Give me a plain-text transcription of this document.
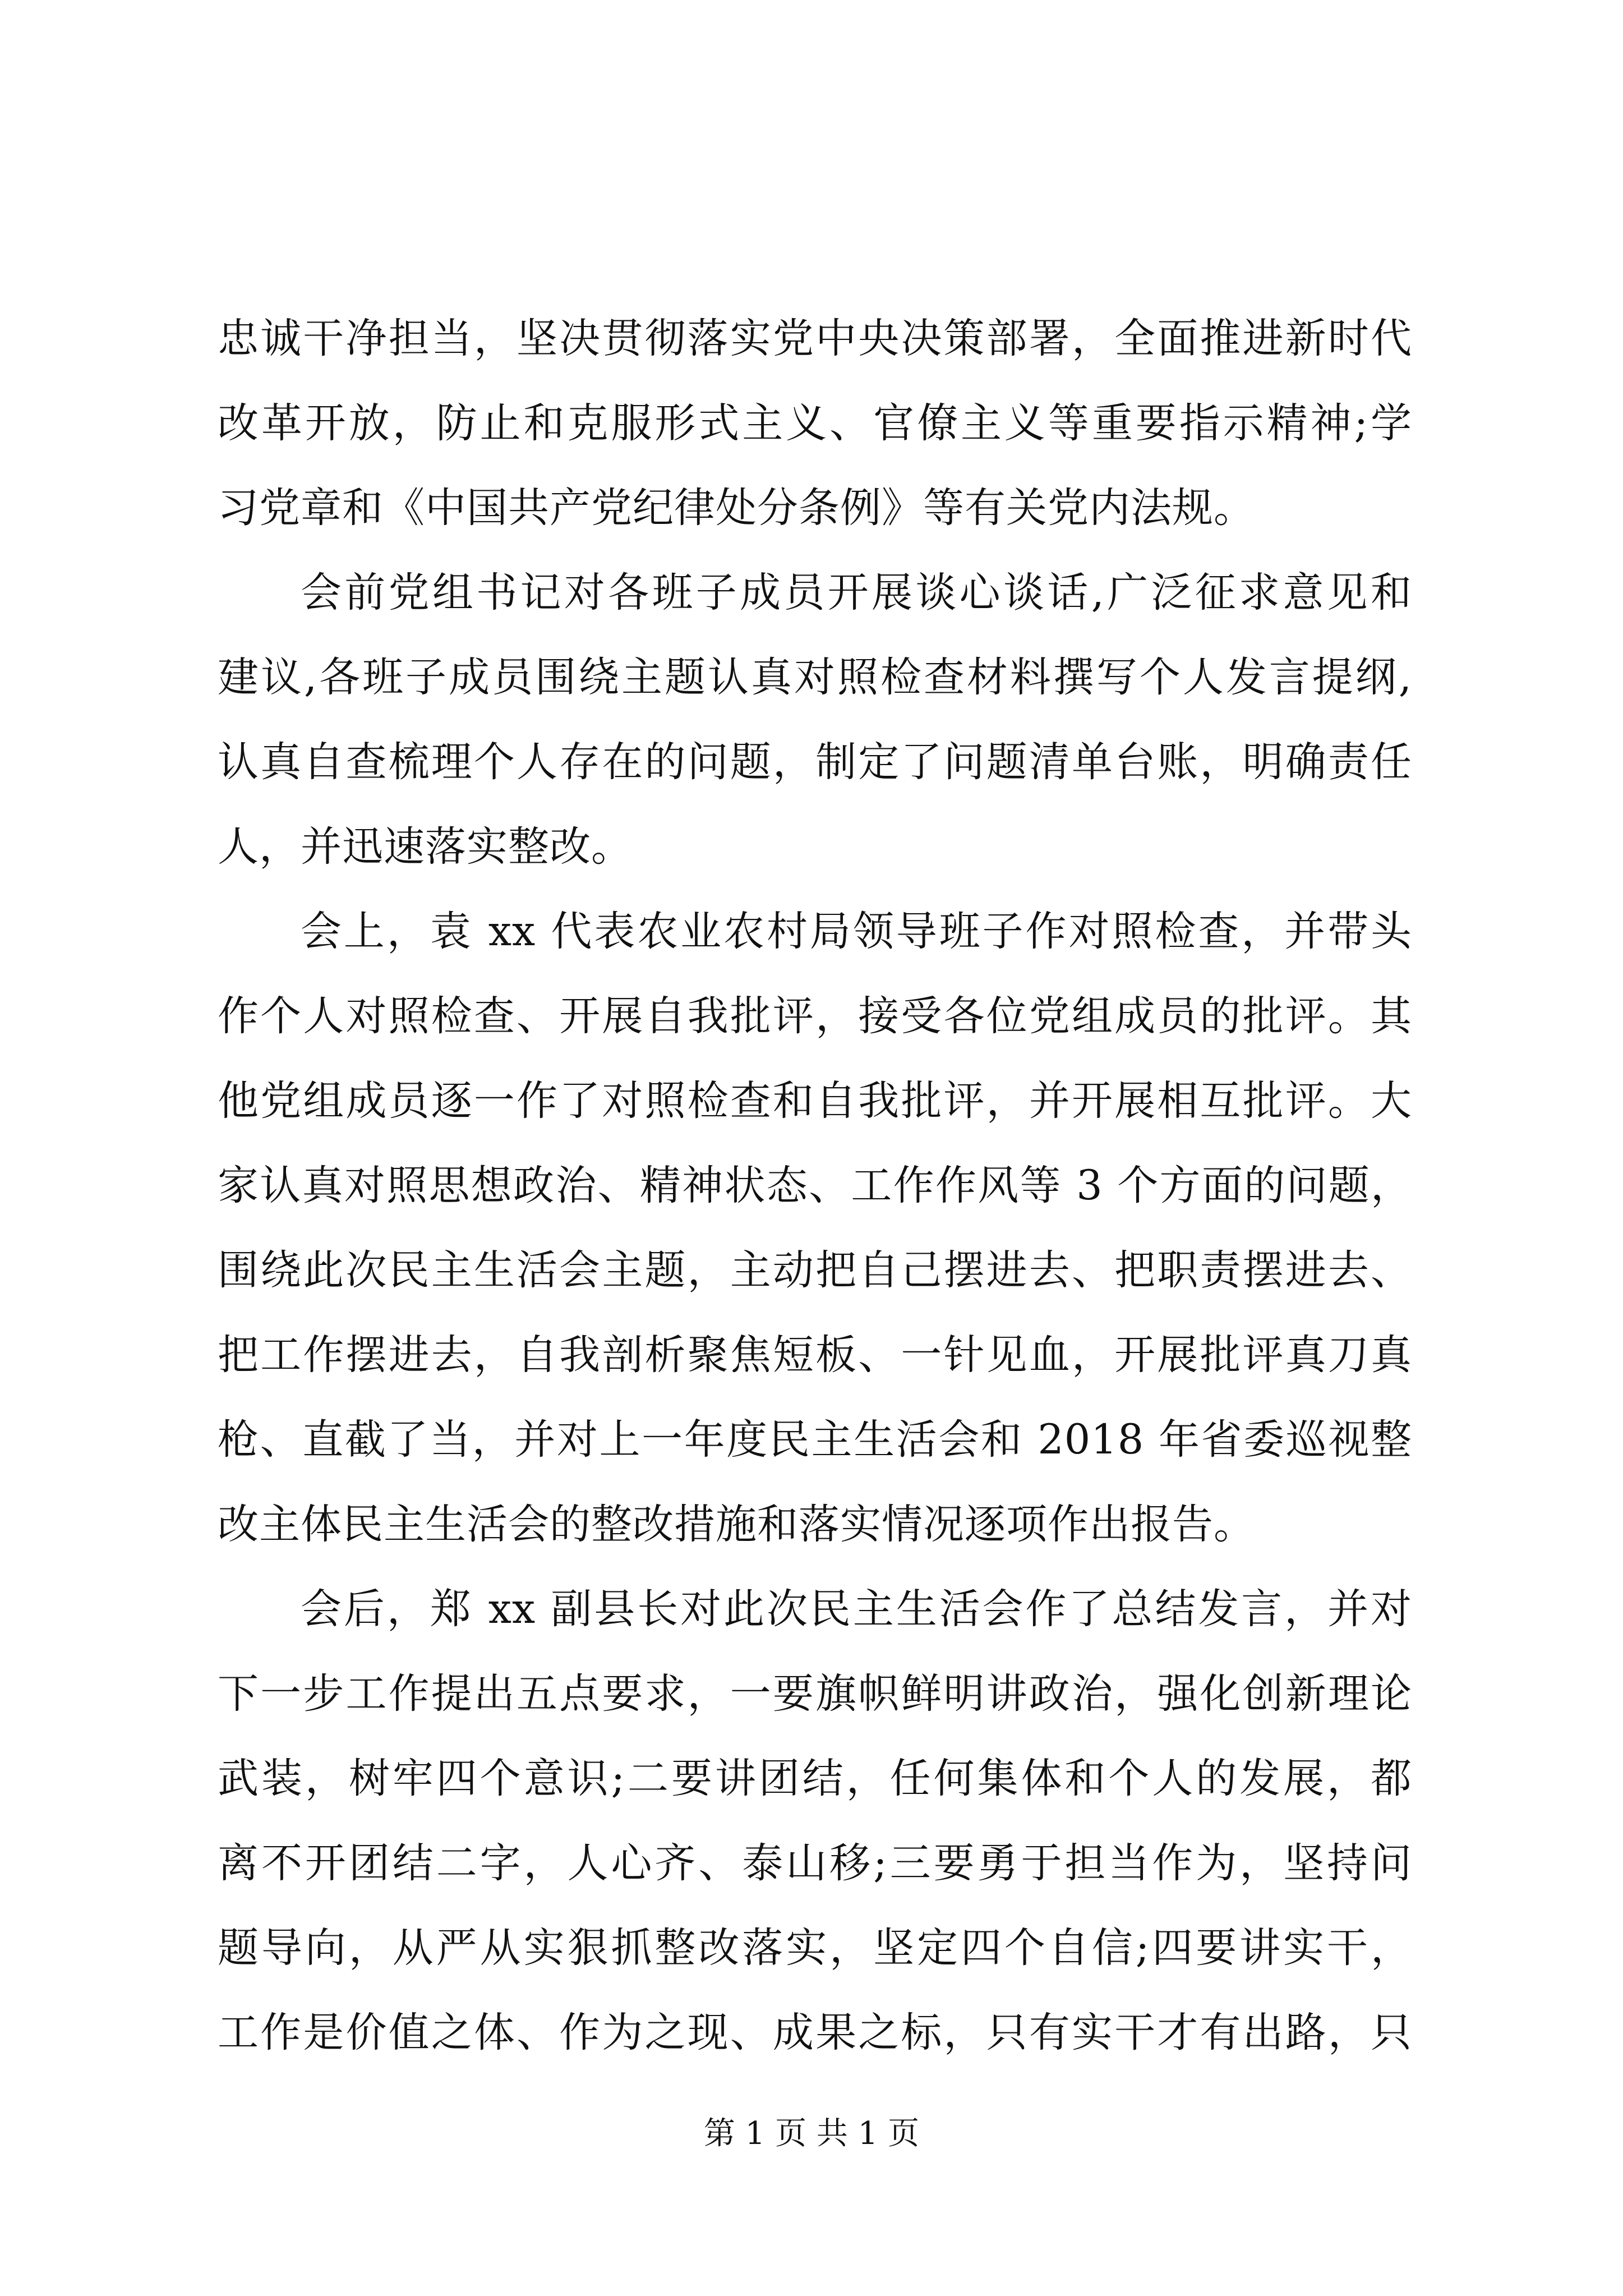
忠诚干净担当，坚决贯彻落实党中央决策部署，全面推进新时代
改革开放，防止和克服形式主义、官僚主义等重要指示精神;学
习党章和《中国共产党纪律处分条例》等有关党内法规。
会前党组书记对各班子成员开展谈心谈话,广泛征求意见和
建议,各班子成员围绕主题认真对照检查材料撰写个人发言提纲,
认真自查梳理个人存在的问题，制定了问题清单台账，明确责任
人，并迅速落实整改。
会上，袁 xx 代表农业农村局领导班子作对照检查，并带头
作个人对照检查、开展自我批评，接受各位党组成员的批评。其
他党组成员逐一作了对照检查和自我批评，并开展相互批评。大
家认真对照思想政治、精神状态、工作作风等 3 个方面的问题，
围绕此次民主生活会主题，主动把自己摆进去、把职责摆进去、
把工作摆进去，自我剖析聚焦短板、一针见血，开展批评真刀真
枪、直截了当，并对上一年度民主生活会和 2018 年省委巡视整
改主体民主生活会的整改措施和落实情况逐项作出报告。
会后，郑 xx 副县长对此次民主生活会作了总结发言，并对
下一步工作提出五点要求，一要旗帜鲜明讲政治，强化创新理论
武装，树牢四个意识;二要讲团结，任何集体和个人的发展，都
离不开团结二字，人心齐、泰山移;三要勇于担当作为，坚持问
题导向，从严从实狠抓整改落实，坚定四个自信;四要讲实干，
工作是价值之体、作为之现、成果之标，只有实干才有出路，只
第 1 页 共 1 页
